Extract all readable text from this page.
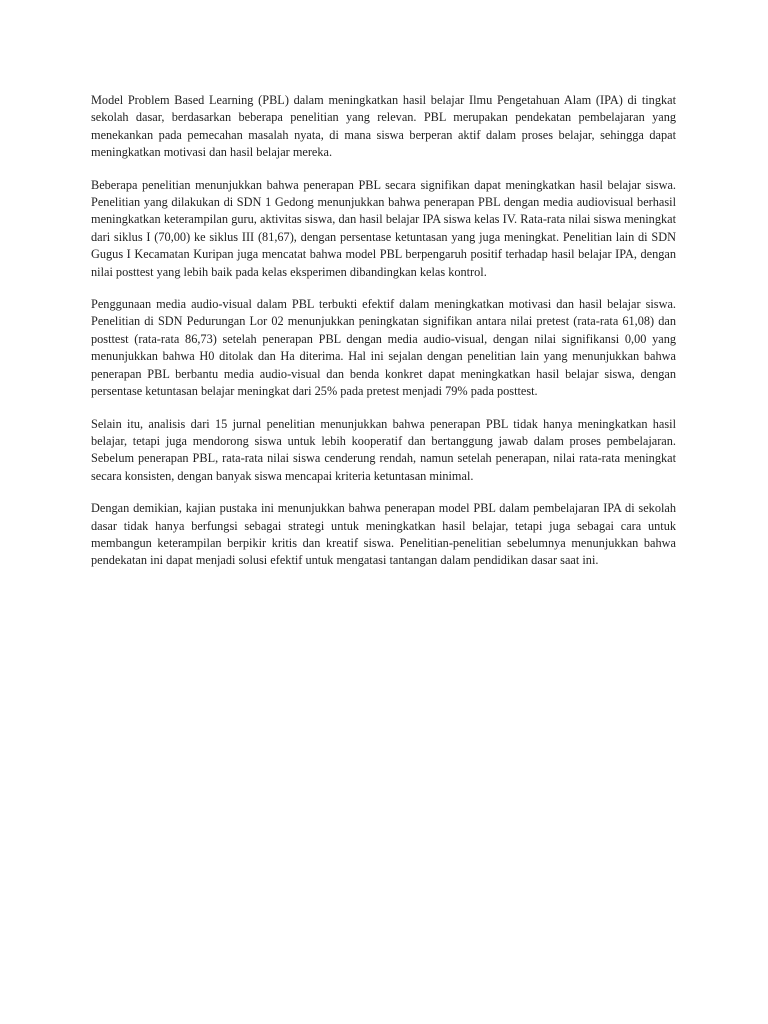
Model Problem Based Learning (PBL) dalam meningkatkan hasil belajar Ilmu Pengetahuan Alam (IPA) di tingkat sekolah dasar, berdasarkan beberapa penelitian yang relevan. PBL merupakan pendekatan pembelajaran yang menekankan pada pemecahan masalah nyata, di mana siswa berperan aktif dalam proses belajar, sehingga dapat meningkatkan motivasi dan hasil belajar mereka.

Beberapa penelitian menunjukkan bahwa penerapan PBL secara signifikan dapat meningkatkan hasil belajar siswa. Penelitian yang dilakukan di SDN 1 Gedong menunjukkan bahwa penerapan PBL dengan media audiovisual berhasil meningkatkan keterampilan guru, aktivitas siswa, dan hasil belajar IPA siswa kelas IV. Rata-rata nilai siswa meningkat dari siklus I (70,00) ke siklus III (81,67), dengan persentase ketuntasan yang juga meningkat. Penelitian lain di SDN Gugus I Kecamatan Kuripan juga mencatat bahwa model PBL berpengaruh positif terhadap hasil belajar IPA, dengan nilai posttest yang lebih baik pada kelas eksperimen dibandingkan kelas kontrol.

Penggunaan media audio-visual dalam PBL terbukti efektif dalam meningkatkan motivasi dan hasil belajar siswa. Penelitian di SDN Pedurungan Lor 02 menunjukkan peningkatan signifikan antara nilai pretest (rata-rata 61,08) dan posttest (rata-rata 86,73) setelah penerapan PBL dengan media audio-visual, dengan nilai signifikansi 0,00 yang menunjukkan bahwa H0 ditolak dan Ha diterima. Hal ini sejalan dengan penelitian lain yang menunjukkan bahwa penerapan PBL berbantu media audio-visual dan benda konkret dapat meningkatkan hasil belajar siswa, dengan persentase ketuntasan belajar meningkat dari 25% pada pretest menjadi 79% pada posttest.

Selain itu, analisis dari 15 jurnal penelitian menunjukkan bahwa penerapan PBL tidak hanya meningkatkan hasil belajar, tetapi juga mendorong siswa untuk lebih kooperatif dan bertanggung jawab dalam proses pembelajaran. Sebelum penerapan PBL, rata-rata nilai siswa cenderung rendah, namun setelah penerapan, nilai rata-rata meningkat secara konsisten, dengan banyak siswa mencapai kriteria ketuntasan minimal.

Dengan demikian, kajian pustaka ini menunjukkan bahwa penerapan model PBL dalam pembelajaran IPA di sekolah dasar tidak hanya berfungsi sebagai strategi untuk meningkatkan hasil belajar, tetapi juga sebagai cara untuk membangun keterampilan berpikir kritis dan kreatif siswa. Penelitian-penelitian sebelumnya menunjukkan bahwa pendekatan ini dapat menjadi solusi efektif untuk mengatasi tantangan dalam pendidikan dasar saat ini.
